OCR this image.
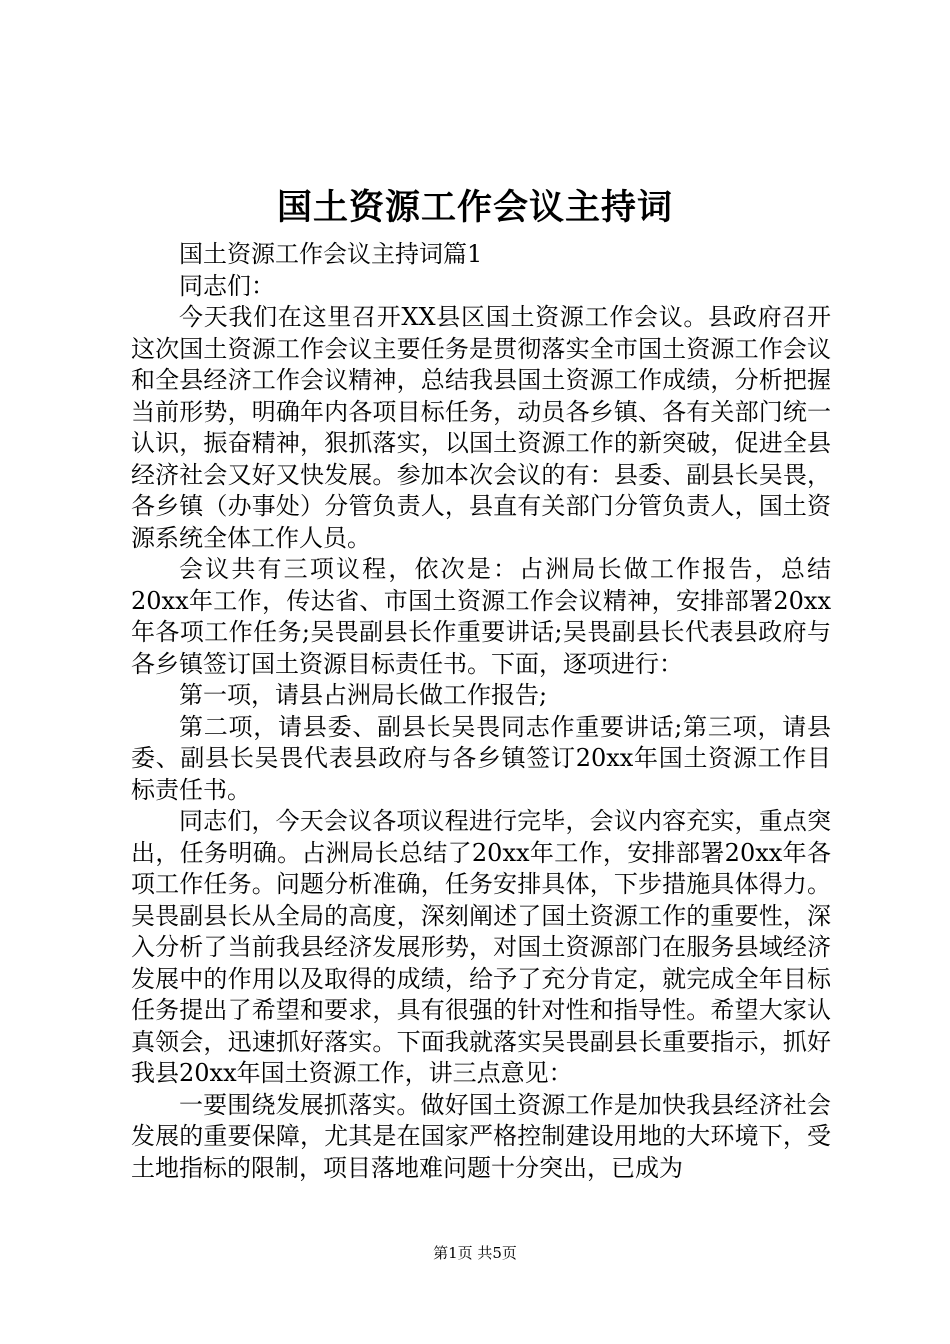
国土资源工作会议主持词

国土资源工作会议主持词篇1

同志们：

今天我们在这里召开XX县区国土资源工作会议。县政府召开这次国土资源工作会议主要任务是贯彻落实全市国土资源工作会议和全县经济工作会议精神，总结我县国土资源工作成绩，分析把握当前形势，明确年内各项目标任务，动员各乡镇、各有关部门统一认识，振奋精神，狠抓落实，以国土资源工作的新突破，促进全县经济社会又好又快发展。参加本次会议的有：县委、副县长吴畏，各乡镇（办事处）分管负责人，县直有关部门分管负责人，国土资源系统全体工作人员。

会议共有三项议程，依次是：占洲局长做工作报告，总结20xx年工作，传达省、市国土资源工作会议精神，安排部署20xx年各项工作任务;吴畏副县长作重要讲话;吴畏副县长代表县政府与各乡镇签订国土资源目标责任书。下面，逐项进行：

第一项，请县占洲局长做工作报告;

第二项，请县委、副县长吴畏同志作重要讲话;第三项，请县委、副县长吴畏代表县政府与各乡镇签订20xx年国土资源工作目标责任书。

同志们，今天会议各项议程进行完毕，会议内容充实，重点突出，任务明确。占洲局长总结了20xx年工作，安排部署20xx年各项工作任务。问题分析准确，任务安排具体，下步措施具体得力。吴畏副县长从全局的高度，深刻阐述了国土资源工作的重要性，深入分析了当前我县经济发展形势，对国土资源部门在服务县域经济发展中的作用以及取得的成绩，给予了充分肯定，就完成全年目标任务提出了希望和要求，具有很强的针对性和指导性。希望大家认真领会，迅速抓好落实。下面我就落实吴畏副县长重要指示，抓好我县20xx年国土资源工作，讲三点意见：

一要围绕发展抓落实。做好国土资源工作是加快我县经济社会发展的重要保障，尤其是在国家严格控制建设用地的大环境下，受土地指标的限制，项目落地难问题十分突出，已成为

第1页 共5页
